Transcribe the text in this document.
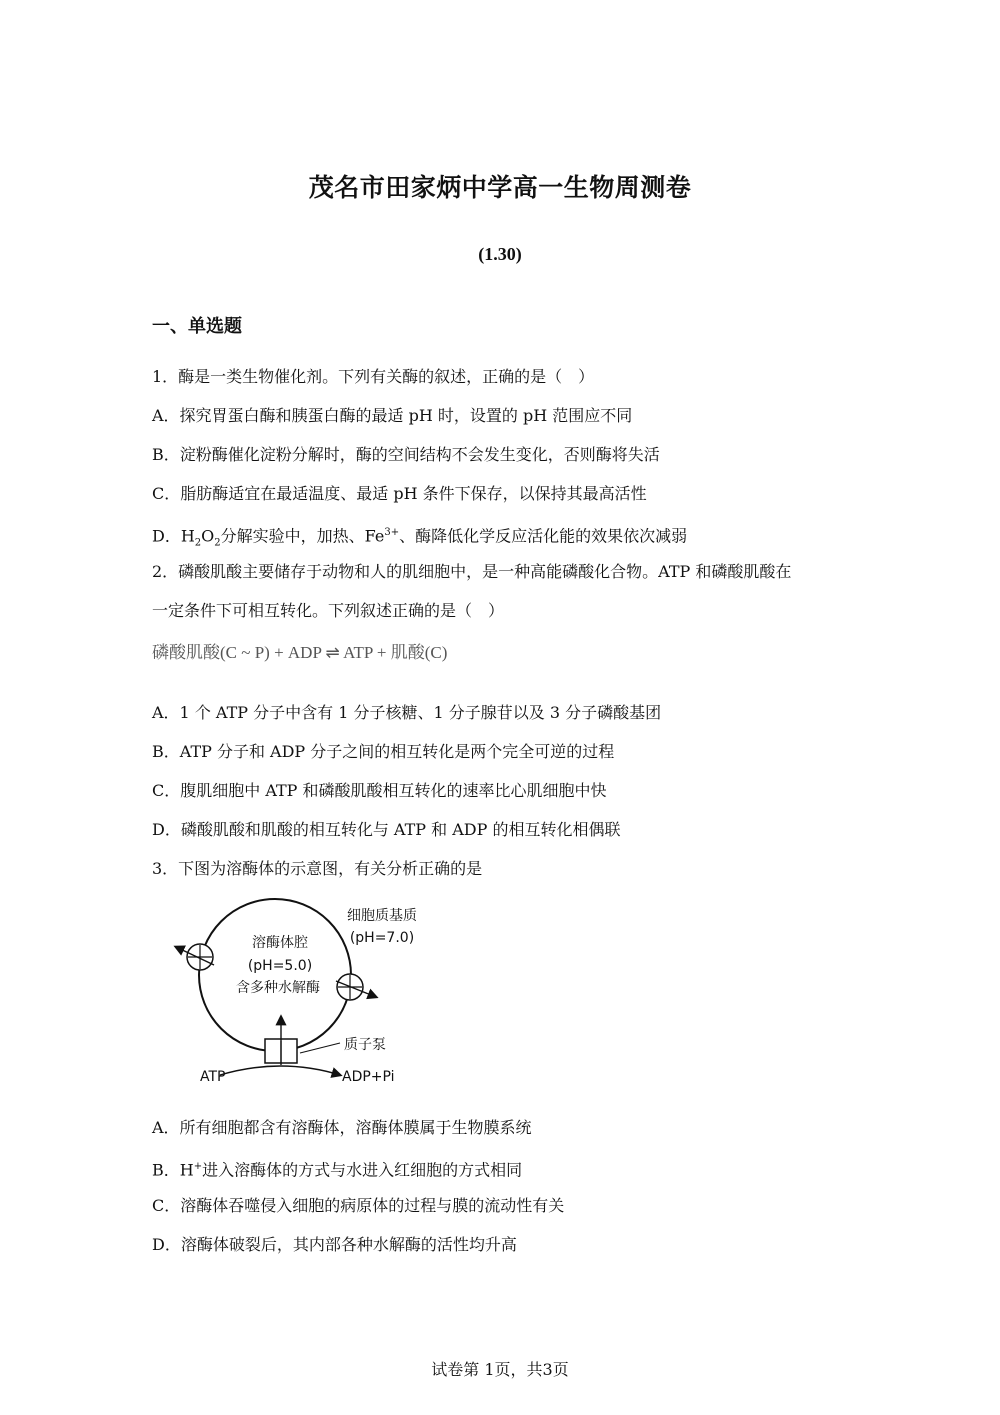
茂名市田家炳中学高一生物周测卷
(1.30)
一、单选题
1．酶是一类生物催化剂。下列有关酶的叙述，正确的是（　）
A．探究胃蛋白酶和胰蛋白酶的最适 pH 时，设置的 pH 范围应不同
B．淀粉酶催化淀粉分解时，酶的空间结构不会发生变化，否则酶将失活
C．脂肪酶适宜在最适温度、最适 pH 条件下保存，以保持其最高活性
D．$H_2O_2$分解实验中，加热、$Fe^{3+}$、酶降低化学反应活化能的效果依次减弱
2．磷酸肌酸主要储存于动物和人的肌细胞中，是一种高能磷酸化合物。ATP 和磷酸肌酸在
一定条件下可相互转化。下列叙述正确的是（　）
磷酸肌酸(C ~ P) + ADP ⇌ ATP + 肌酸(C)
A．1 个 ATP 分子中含有 1 分子核糖、1 分子腺苷以及 3 分子磷酸基团
B．ATP 分子和 ADP 分子之间的相互转化是两个完全可逆的过程
C．腹肌细胞中 ATP 和磷酸肌酸相互转化的速率比心肌细胞中快
D．磷酸肌酸和肌酸的相互转化与 ATP 和 ADP 的相互转化相偶联
3．下图为溶酶体的示意图，有关分析正确的是
溶酶体腔
(pH=5.0)
含多种水解酶
细胞质基质
(pH=7.0)
质子泵
ATP	ADP+Pi
A．所有细胞都含有溶酶体，溶酶体膜属于生物膜系统
B．H+进入溶酶体的方式与水进入红细胞的方式相同
C．溶酶体吞噬侵入细胞的病原体的过程与膜的流动性有关
D．溶酶体破裂后，其内部各种水解酶的活性均升高
试卷第 1页，共3页
